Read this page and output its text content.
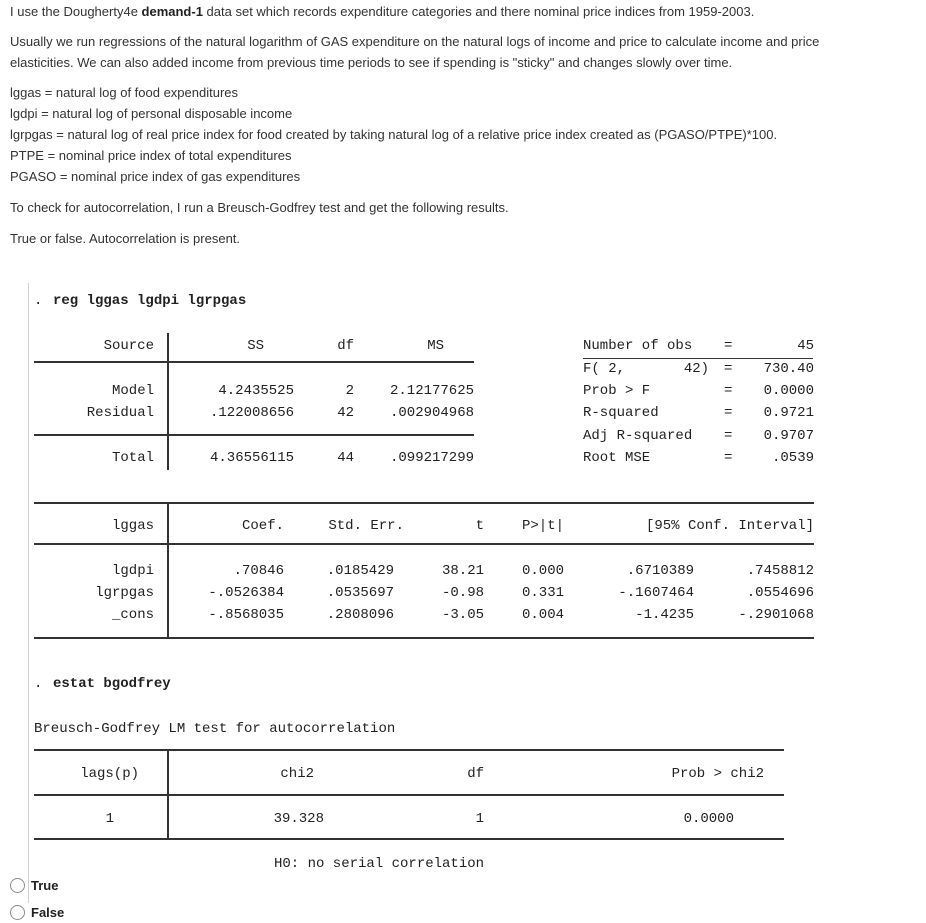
I use the Dougherty4e demand-1 data set which records expenditure categories and there nominal price indices from 1959-2003.

Usually we run regressions of the natural logarithm of GAS expenditure on the natural logs of income and price to calculate income and price

elasticities. We can also added income from previous time periods to see if spending is "sticky" and changes slowly over time.

lggas = natural log of food expenditures

lgdpi = natural log of personal disposable income

lgrpgas = natural log of real price index for food created by taking natural log of a relative price index created as (PGASO/PTPE)*100.

PTPE = nominal price index of total expenditures

PGASO = nominal price index of gas expenditures

To check for autocorrelation, I run a Breusch-Godfrey test and get the following results.

True or false. Autocorrelation is present.

. reg lggas lgdpi lgrpgas
Source	SS	df	MS
Model	4.2435525	2	2.12177625
Residual	.122008656	42	.002904968
Total	4.36556115	44	.099217299
Number of obs =	45
F( 2,       42) =	730.40
Prob > F	=	0.0000
R-squared	=	0.9721
Adj R-squared =	0.9707
Root MSE	=	.0539
lggas	Coef.	Std. Err.	t	P>|t|	[95% Conf. Interval]
lgdpi	.70846	.0185429	38.21	0.000	.6710389	.7458812
lgrpgas	-.0526384	.0535697	-0.98	0.331	-.1607464	.0554696
_cons	-.8568035	.2808096	-3.05	0.004	-1.4235	-.2901068
. estat bgodfrey
Breusch-Godfrey LM test for autocorrelation
lags(p)	chi2	df	Prob > chi2
1	39.328	1	0.0000
H0: no serial correlation
True
False
